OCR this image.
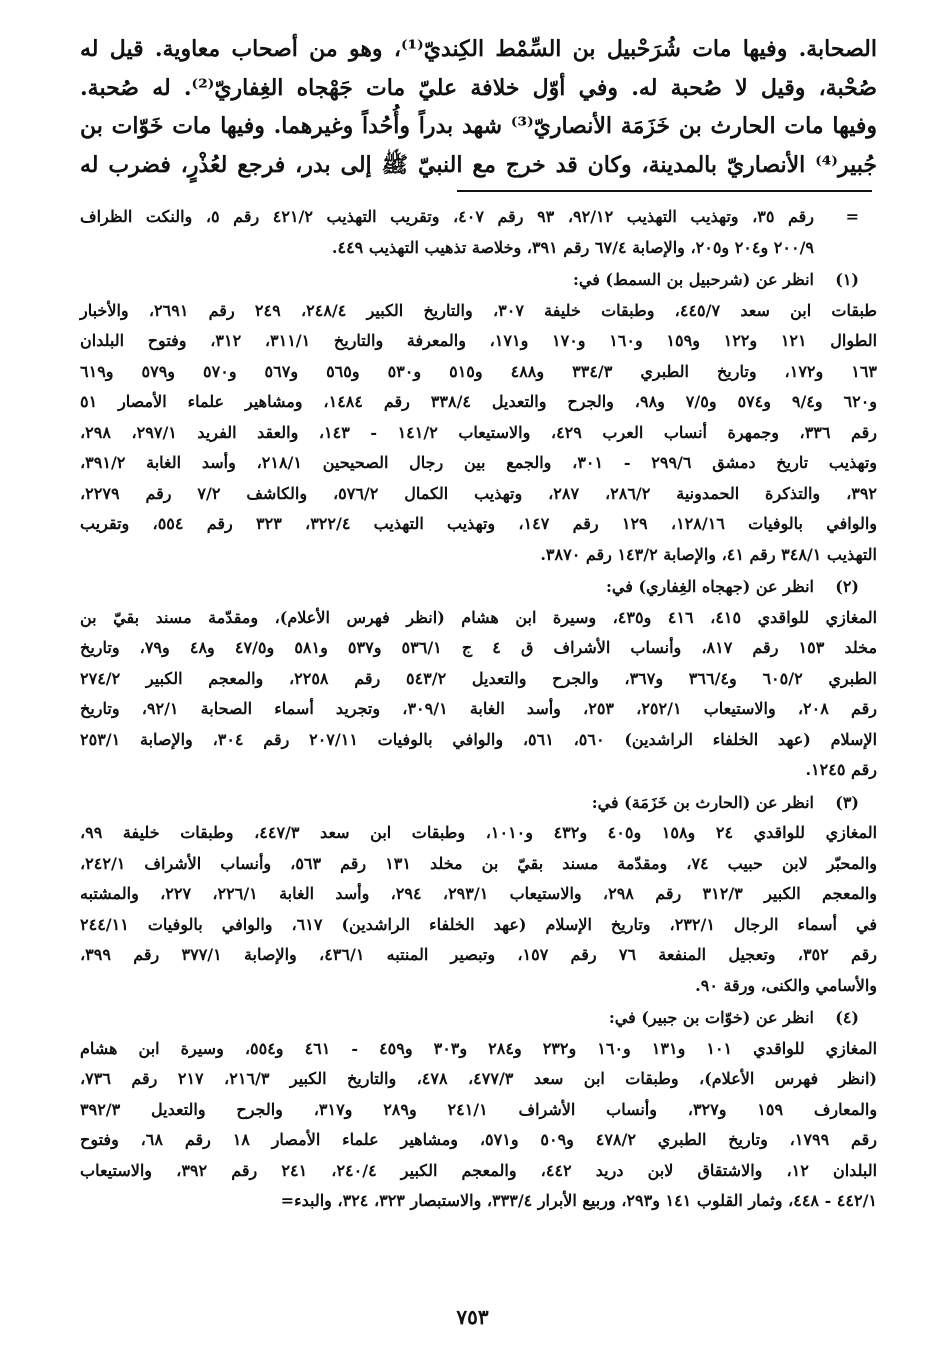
الصحابة. وفيها مات شُرَحْبيل بن السِّمْط الكِنديّ⁽¹⁾، وهو من أصحاب معاوية. قيل له
صُحْبة، وقيل لا صُحبة له. وفي أوّل خلافة عليّ مات جَهْجاه الغِفاريّ⁽²⁾. له صُحبة.
وفيها مات الحارث بن خَزَمَة الأنصاريّ⁽³⁾ شهد بدراً وأُحُداً وغيرهما. وفيها مات خَوّات بن
جُبير⁽⁴⁾ الأنصاريّ بالمدينة، وكان قد خرج مع النبيّ ﷺ إلى بدر، فرجع لعُذْرٍ، فضرب له
=
رقم ٣٥، وتهذيب التهذيب ٩٢/١٢، ٩٣ رقم ٤٠٧، وتقريب التهذيب ٤٢١/٢ رقم ٥، والنكت الظراف
٢٠٠/٩ و٢٠٤ و٢٠٥، والإصابة ٦٧/٤ رقم ٣٩١، وخلاصة تذهيب التهذيب ٤٤٩.
(١)
انظر عن (شرحبيل بن السمط) في:
طبقات ابن سعد ٤٤٥/٧، وطبقات خليفة ٣٠٧، والتاريخ الكبير ٢٤٨/٤، ٢٤٩ رقم ٢٦٩١، والأخبار
الطوال ١٢١ و١٢٢ و١٥٩ و١٦٠ و١٧٠ و١٧١، والمعرفة والتاريخ ٣١١/١، ٣١٢، وفتوح البلدان
١٦٣ و١٧٢، وتاريخ الطبري ٣٣٤/٣ و٤٨٨ و٥١٥ و٥٣٠ و٥٦٥ و٥٦٧ و٥٧٠ و٥٧٩ و٦١٩
و٦٢٠ و٩/٤ و٥٧٤ و٧/٥ و٩٨، والجرح والتعديل ٣٣٨/٤ رقم ١٤٨٤، ومشاهير علماء الأمصار ٥١
رقم ٣٣٦، وجمهرة أنساب العرب ٤٢٩، والاستيعاب ١٤١/٢ - ١٤٣، والعقد الفريد ٢٩٧/١، ٢٩٨،
وتهذيب تاريخ دمشق ٢٩٩/٦ - ٣٠١، والجمع بين رجال الصحيحين ٢١٨/١، وأسد الغابة ٣٩١/٢،
٣٩٢، والتذكرة الحمدونية ٢٨٦/٢، ٢٨٧، وتهذيب الكمال ٥٧٦/٢، والكاشف ٧/٢ رقم ٢٢٧٩،
والوافي بالوفيات ١٢٨/١٦، ١٢٩ رقم ١٤٧، وتهذيب التهذيب ٣٢٢/٤، ٣٢٣ رقم ٥٥٤، وتقريب
التهذيب ٣٤٨/١ رقم ٤١، والإصابة ١٤٣/٢ رقم ٣٨٧٠.
(٢)
انظر عن (جهجاه الغِفاري) في:
المغازي للواقدي ٤١٥، ٤١٦ و٤٣٥، وسيرة ابن هشام (انظر فهرس الأعلام)، ومقدّمة مسند بقيّ بن
مخلد ١٥٣ رقم ٨١٧، وأنساب الأشراف ق ٤ ج ٥٣٦/١ و٥٣٧ و٥٨١ و٤٧/٥ و٤٨ و٧٩، وتاريخ
الطبري ٦٠٥/٢ و٣٦٦/٤ و٣٦٧، والجرح والتعديل ٥٤٣/٢ رقم ٢٢٥٨، والمعجم الكبير ٢٧٤/٢
رقم ٢٠٨، والاستيعاب ٢٥٢/١، ٢٥٣، وأسد الغابة ٣٠٩/١، وتجريد أسماء الصحابة ٩٢/١، وتاريخ
الإسلام (عهد الخلفاء الراشدين) ٥٦٠، ٥٦١، والوافي بالوفيات ٢٠٧/١١ رقم ٣٠٤، والإصابة ٢٥٣/١
رقم ١٢٤٥.
(٣)
انظر عن (الحارث بن خَزَمَة) في:
المغازي للواقدي ٢٤ و١٥٨ و٤٠٥ و٤٣٢ و١٠١٠، وطبقات ابن سعد ٤٤٧/٣، وطبقات خليفة ٩٩،
والمحبّر لابن حبيب ٧٤، ومقدّمة مسند بقيّ بن مخلد ١٣١ رقم ٥٦٣، وأنساب الأشراف ٢٤٢/١،
والمعجم الكبير ٣١٢/٣ رقم ٢٩٨، والاستيعاب ٢٩٣/١، ٢٩٤، وأسد الغابة ٢٢٦/١، ٢٢٧، والمشتبه
في أسماء الرجال ٢٣٢/١، وتاريخ الإسلام (عهد الخلفاء الراشدين) ٦١٧، والوافي بالوفيات ٢٤٤/١١
رقم ٣٥٢، وتعجيل المنفعة ٧٦ رقم ١٥٧، وتبصير المنتبه ٤٣٦/١، والإصابة ٣٧٧/١ رقم ٣٩٩،
والأسامي والكنى، ورقة ٩٠.
(٤)
انظر عن (خوّات بن جبير) في:
المغازي للواقدي ١٠١ و١٣١ و١٦٠ و٢٣٢ و٢٨٤ و٣٠٣ و٤٥٩ - ٤٦١ و٥٥٤، وسيرة ابن هشام
(انظر فهرس الأعلام)، وطبقات ابن سعد ٤٧٧/٣، ٤٧٨، والتاريخ الكبير ٢١٦/٣، ٢١٧ رقم ٧٣٦،
والمعارف ١٥٩ و٣٢٧، وأنساب الأشراف ٢٤١/١ و٢٨٩ و٣١٧، والجرح والتعديل ٣٩٢/٣
رقم ١٧٩٩، وتاريخ الطبري ٤٧٨/٢ و٥٠٩ و٥٧١، ومشاهير علماء الأمصار ١٨ رقم ٦٨، وفتوح
البلدان ١٢، والاشتقاق لابن دريد ٤٤٢، والمعجم الكبير ٢٤٠/٤، ٢٤١ رقم ٣٩٢، والاستيعاب
٤٤٢/١ - ٤٤٨، وثمار القلوب ١٤١ و٢٩٣، وربيع الأبرار ٣٣٣/٤، والاستبصار ٣٢٣، ٣٢٤، والبدء=
٧٥٣
